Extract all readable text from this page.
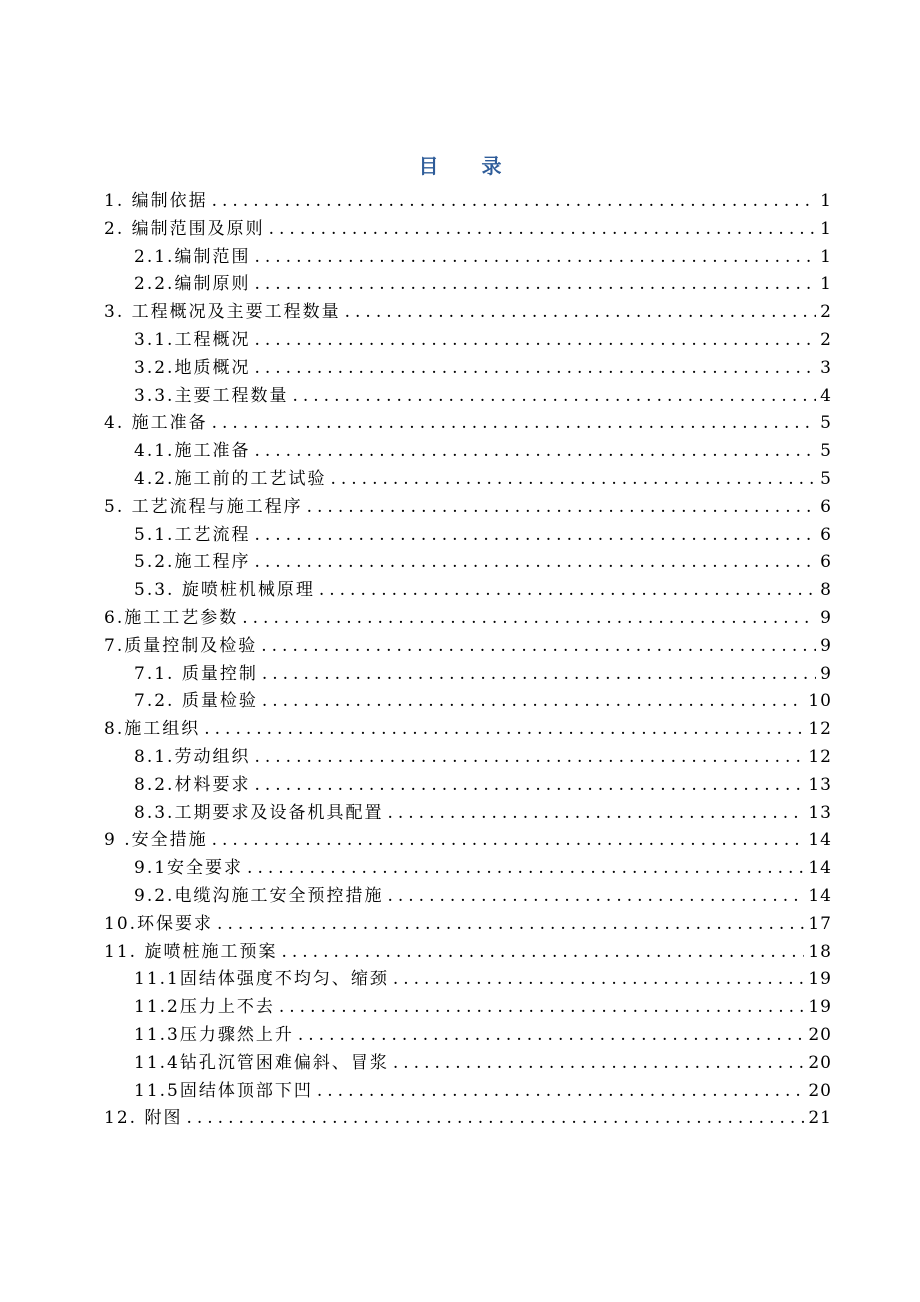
目 录
1. 编制依据 .....	1
2. 编制范围及原则 .....	1
2.1.编制范围 .....	1
2.2.编制原则 .....	1
3. 工程概况及主要工程数量 .....	2
3.1.工程概况 .....	2
3.2.地质概况 .....	3
3.3.主要工程数量 .....	4
4. 施工准备 .....	5
4.1.施工准备 .....	5
4.2.施工前的工艺试验 .....	5
5. 工艺流程与施工程序 .....	6
5.1.工艺流程 .....	6
5.2.施工程序 .....	6
5.3. 旋喷桩机械原理 .....	8
6.施工工艺参数 .....	9
7.质量控制及检验 .....	9
7.1. 质量控制 .....	9
7.2. 质量检验 .....	10
8.施工组织 .....	12
8.1.劳动组织 .....	12
8.2.材料要求 .....	13
8.3.工期要求及设备机具配置 .....	13
9 .安全措施 .....	14
9.1安全要求 .....	14
9.2.电缆沟施工安全预控措施 .....	14
10.环保要求 .....	17
11. 旋喷桩施工预案 .....	18
11.1固结体强度不均匀、缩颈 .....	19
11.2压力上不去 .....	19
11.3压力骤然上升 .....	20
11.4钻孔沉管困难偏斜、冒浆 .....	20
11.5固结体顶部下凹 .....	20
12. 附图 .....	21
